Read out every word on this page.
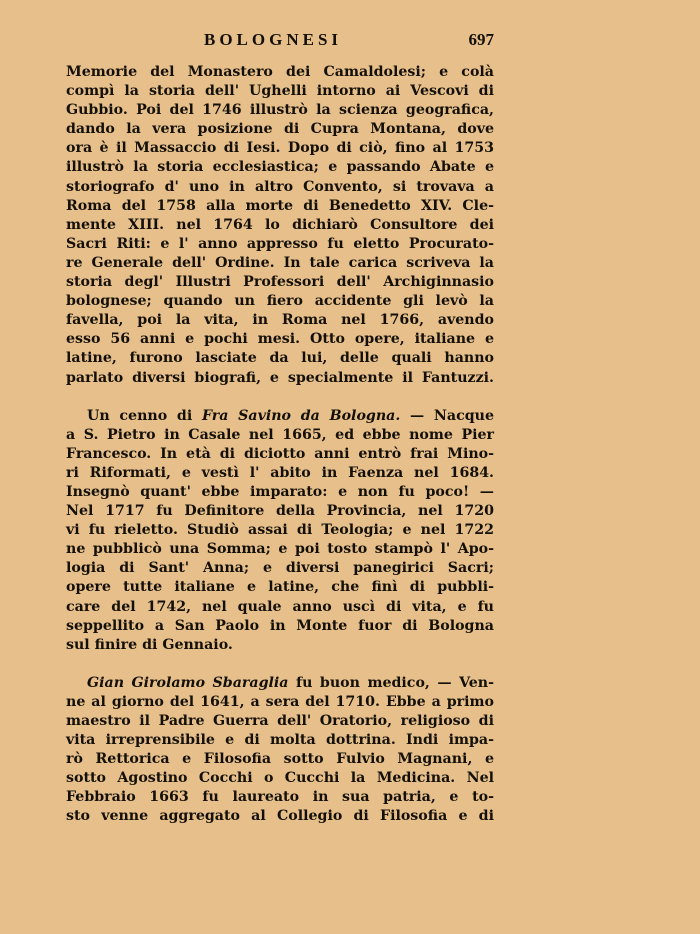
BOLOGNESI	697
Memorie del Monastero dei Camaldolesi; e colà
compì la storia dell' Ughelli intorno ai Vescovi di
Gubbio. Poi del 1746 illustrò la scienza geografica,
dando la vera posizione di Cupra Montana, dove
ora è il Massaccio di Iesi. Dopo di ciò, fino al 1753
illustrò la storia ecclesiastica; e passando Abate e
storiografo d' uno in altro Convento, si trovava a
Roma del 1758 alla morte di Benedetto XIV. Cle-
mente XIII. nel 1764 lo dichiarò Consultore dei
Sacri Riti: e l' anno appresso fu eletto Procurato-
re Generale dell' Ordine. In tale carica scriveva la
storia degl' Illustri Professori dell' Archiginnasio
bolognese; quando un fiero accidente gli levò la
favella, poi la vita, in Roma nel 1766, avendo
esso 56 anni e pochi mesi. Otto opere, italiane e
latine, furono lasciate da lui, delle quali hanno
parlato diversi biografi, e specialmente il Fantuzzi.
Un cenno di Fra Savino da Bologna. — Nacque
a S. Pietro in Casale nel 1665, ed ebbe nome Pier
Francesco. In età di diciotto anni entrò frai Mino-
ri Riformati, e vestì l' abito in Faenza nel 1684.
Insegnò quant' ebbe imparato: e non fu poco! —
Nel 1717 fu Definitore della Provincia, nel 1720
vi fu rieletto. Studiò assai di Teologia; e nel 1722
ne pubblicò una Somma; e poi tosto stampò l' Apo-
logia di Sant' Anna; e diversi panegirici Sacri;
opere tutte italiane e latine, che finì di pubbli-
care del 1742, nel quale anno uscì di vita, e fu
seppellito a San Paolo in Monte fuor di Bologna
sul finire di Gennaio.
Gian Girolamo Sbaraglia fu buon medico, — Ven-
ne al giorno del 1641, a sera del 1710. Ebbe a primo
maestro il Padre Guerra dell' Oratorio, religioso di
vita irreprensibile e di molta dottrina. Indi impa-
rò Rettorica e Filosofia sotto Fulvio Magnani, e
sotto Agostino Cocchi o Cucchi la Medicina. Nel
Febbraio 1663 fu laureato in sua patria, e to-
sto venne aggregato al Collegio di Filosofia e di
